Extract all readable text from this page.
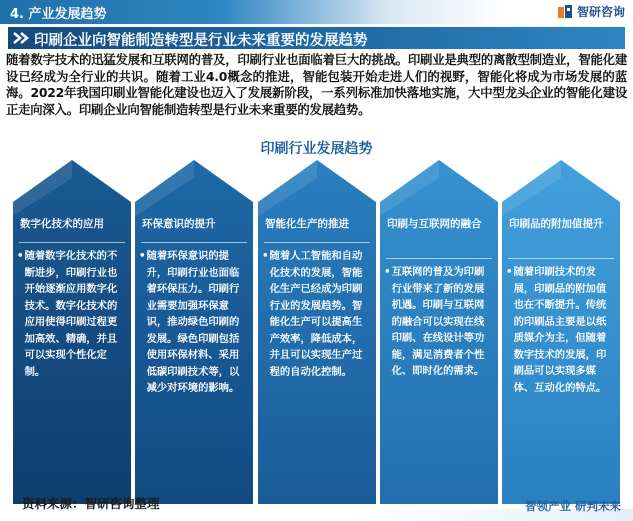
4. 产业发展趋势	智研咨询
印刷企业向智能制造转型是行业未来重要的发展趋势
随着数字技术的迅猛发展和互联网的普及，印刷行业也面临着巨大的挑战。印刷业是典型的离散型制造业，智能化建设已经成为全行业的共识。随着工业4.0概念的推进，智能包装开始走进人们的视野，智能化将成为市场发展的蓝海。2022年我国印刷业智能化建设也迈入了发展新阶段，一系列标准加快落地实施，大中型龙头企业的智能化建设正走向深入。印刷企业向智能制造转型是行业未来重要的发展趋势。
印刷行业发展趋势
数字化技术的应用
• 随着数字化技术的不断进步，印刷行业也开始逐渐应用数字化技术。数字化技术的应用使得印刷过程更加高效、精确，并且可以实现个性化定制。
环保意识的提升
• 随着环保意识的提升，印刷行业也面临着环保压力。印刷行业需要加强环保意识，推动绿色印刷的发展。绿色印刷包括使用环保材料、采用低碳印刷技术等，以减少对环境的影响。
智能化生产的推进
• 随着人工智能和自动化技术的发展，智能化生产已经成为印刷行业的发展趋势。智能化生产可以提高生产效率，降低成本，并且可以实现生产过程的自动化控制。
印刷与互联网的融合
• 互联网的普及为印刷行业带来了新的发展机遇。印刷与互联网的融合可以实现在线印刷、在线设计等功能，满足消费者个性化、即时化的需求。
印刷品的附加值提升
• 随着印刷技术的发展，印刷品的附加值也在不断提升。传统的印刷品主要是以纸质媒介为主，但随着数字技术的发展，印刷品可以实现多媒体、互动化的特点。
资料来源：智研咨询整理	智领产业 研判未来
